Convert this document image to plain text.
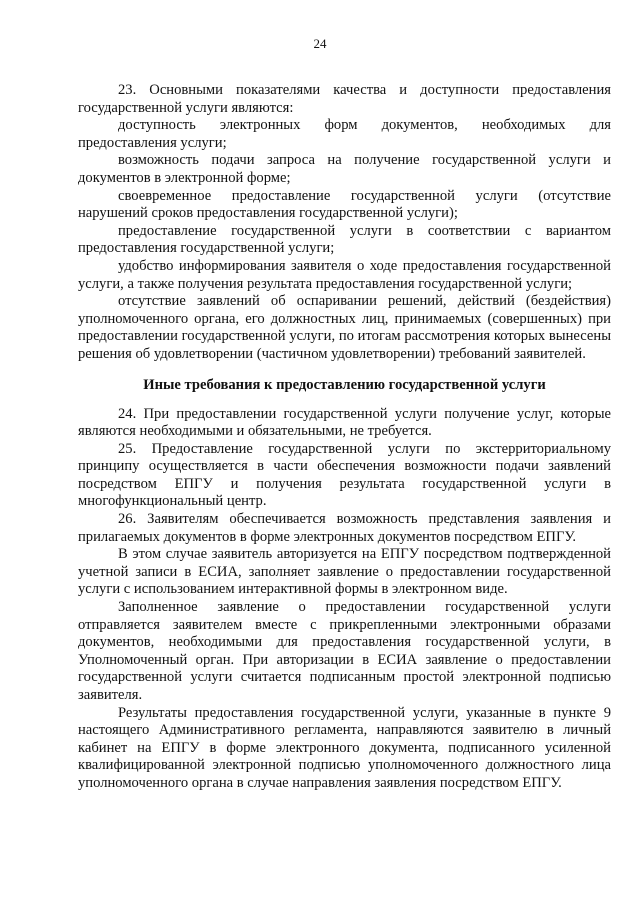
24

23. Основными показателями качества и доступности предоставления государственной услуги являются:

доступность электронных форм документов, необходимых для предоставления услуги;

возможность подачи запроса на получение государственной услуги и документов в электронной форме;

своевременное предоставление государственной услуги (отсутствие нарушений сроков предоставления государственной услуги);

предоставление государственной услуги в соответствии с вариантом предоставления государственной услуги;

удобство информирования заявителя о ходе предоставления государственной услуги, а также получения результата предоставления государственной услуги;

отсутствие заявлений об оспаривании решений, действий (бездействия) уполномоченного органа, его должностных лиц, принимаемых (совершенных) при предоставлении государственной услуги, по итогам рассмотрения которых вынесены решения об удовлетворении (частичном удовлетворении) требований заявителей.

Иные требования к предоставлению государственной услуги

24. При предоставлении государственной услуги получение услуг, которые являются необходимыми и обязательными, не требуется.

25. Предоставление государственной услуги по экстерриториальному принципу осуществляется в части обеспечения возможности подачи заявлений посредством ЕПГУ и получения результата государственной услуги в многофункциональный центр.

26. Заявителям обеспечивается возможность представления заявления и прилагаемых документов в форме электронных документов посредством ЕПГУ.

В этом случае заявитель авторизуется на ЕПГУ посредством подтвержденной учетной записи в ЕСИА, заполняет заявление о предоставлении государственной услуги с использованием интерактивной формы в электронном виде.

Заполненное заявление о предоставлении государственной услуги отправляется заявителем вместе с прикрепленными электронными образами документов, необходимыми для предоставления государственной услуги, в Уполномоченный орган. При авторизации в ЕСИА заявление о предоставлении государственной услуги считается подписанным простой электронной подписью заявителя.

Результаты предоставления государственной услуги, указанные в пункте 9 настоящего Административного регламента, направляются заявителю в личный кабинет на ЕПГУ в форме электронного документа, подписанного усиленной квалифицированной электронной подписью уполномоченного должностного лица уполномоченного органа в случае направления заявления посредством ЕПГУ.
